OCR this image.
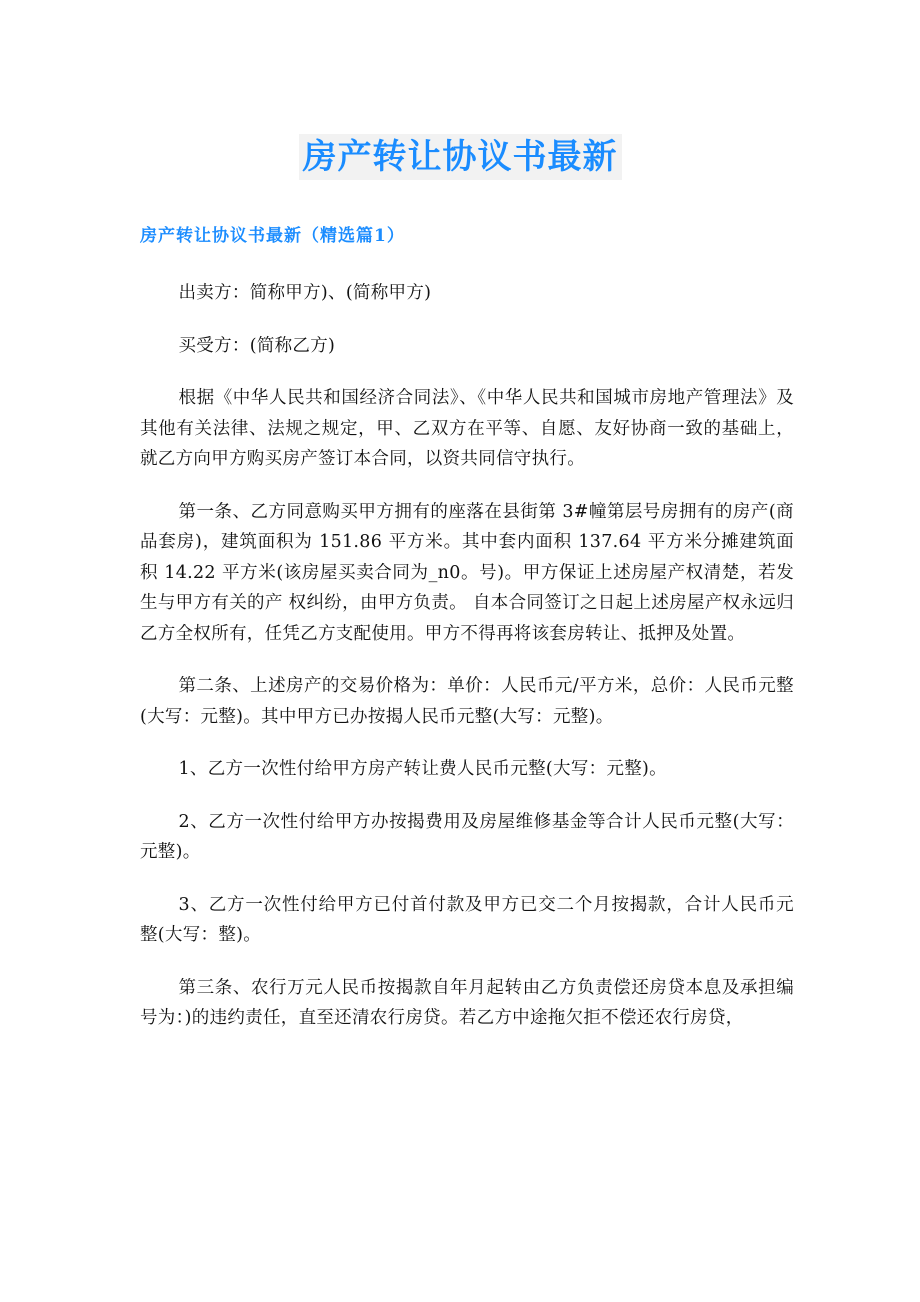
房产转让协议书最新
房产转让协议书最新（精选篇1）

出卖方：简称甲方)、(简称甲方)

买受方：(简称乙方)

根据《中华人民共和国经济合同法》、《中华人民共和国城市房地产管理法》及其他有关法律、法规之规定，甲、乙双方在平等、自愿、友好协商一致的基础上，就乙方向甲方购买房产签订本合同，以资共同信守执行。

第一条、乙方同意购买甲方拥有的座落在县街第 3#幢第层号房拥有的房产(商品套房)，建筑面积为 151.86 平方米。其中套内面积 137.64 平方米分摊建筑面积 14.22 平方米(该房屋买卖合同为_n0。号)。甲方保证上述房屋产权清楚，若发生与甲方有关的产 权纠纷，由甲方负责。 自本合同签订之日起上述房屋产权永远归乙方全权所有，任凭乙方支配使用。甲方不得再将该套房转让、抵押及处置。

第二条、上述房产的交易价格为：单价：人民币元/平方米，总价：人民币元整(大写：元整)。其中甲方已办按揭人民币元整(大写：元整)。

1、乙方一次性付给甲方房产转让费人民币元整(大写：元整)。

2、乙方一次性付给甲方办按揭费用及房屋维修基金等合计人民币元整(大写：元整)。

3、乙方一次性付给甲方已付首付款及甲方已交二个月按揭款，合计人民币元整(大写：整)。

第三条、农行万元人民币按揭款自年月起转由乙方负责偿还房贷本息及承担编号为：)的违约责任，直至还清农行房贷。若乙方中途拖欠拒不偿还农行房贷，
